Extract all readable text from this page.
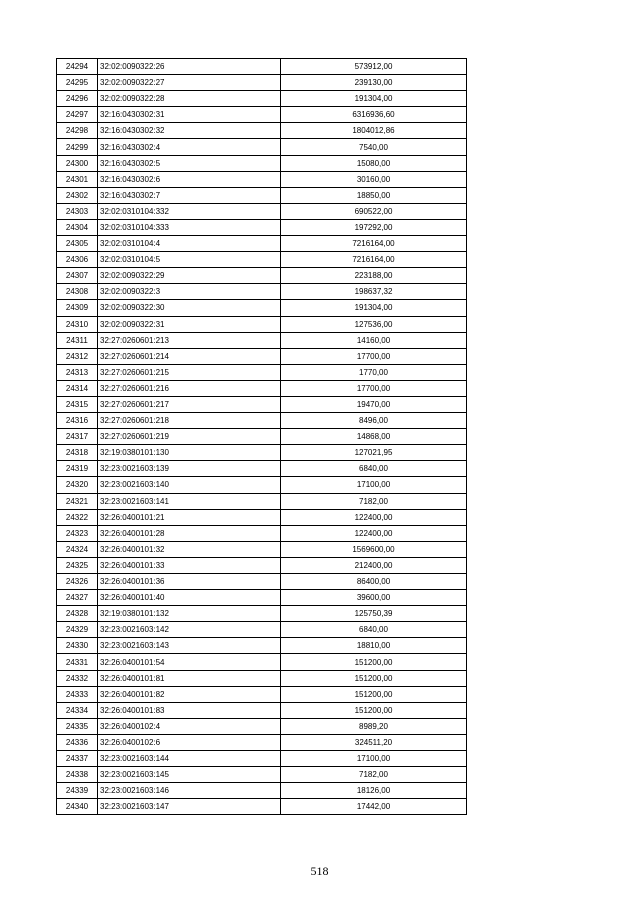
24294	32:02:0090322:26	573912,00
24295	32:02:0090322:27	239130,00
24296	32:02:0090322:28	191304,00
24297	32:16:0430302:31	6316936,60
24298	32:16:0430302:32	1804012,86
24299	32:16:0430302:4	7540,00
24300	32:16:0430302:5	15080,00
24301	32:16:0430302:6	30160,00
24302	32:16:0430302:7	18850,00
24303	32:02:0310104:332	690522,00
24304	32:02:0310104:333	197292,00
24305	32:02:0310104:4	7216164,00
24306	32:02:0310104:5	7216164,00
24307	32:02:0090322:29	223188,00
24308	32:02:0090322:3	198637,32
24309	32:02:0090322:30	191304,00
24310	32:02:0090322:31	127536,00
24311	32:27:0260601:213	14160,00
24312	32:27:0260601:214	17700,00
24313	32:27:0260601:215	1770,00
24314	32:27:0260601:216	17700,00
24315	32:27:0260601:217	19470,00
24316	32:27:0260601:218	8496,00
24317	32:27:0260601:219	14868,00
24318	32:19:0380101:130	127021,95
24319	32:23:0021603:139	6840,00
24320	32:23:0021603:140	17100,00
24321	32:23:0021603:141	7182,00
24322	32:26:0400101:21	122400,00
24323	32:26:0400101:28	122400,00
24324	32:26:0400101:32	1569600,00
24325	32:26:0400101:33	212400,00
24326	32:26:0400101:36	86400,00
24327	32:26:0400101:40	39600,00
24328	32:19:0380101:132	125750,39
24329	32:23:0021603:142	6840,00
24330	32:23:0021603:143	18810,00
24331	32:26:0400101:54	151200,00
24332	32:26:0400101:81	151200,00
24333	32:26:0400101:82	151200,00
24334	32:26:0400101:83	151200,00
24335	32:26:0400102:4	8989,20
24336	32:26:0400102:6	324511,20
24337	32:23:0021603:144	17100,00
24338	32:23:0021603:145	7182,00
24339	32:23:0021603:146	18126,00
24340	32:23:0021603:147	17442,00
518
